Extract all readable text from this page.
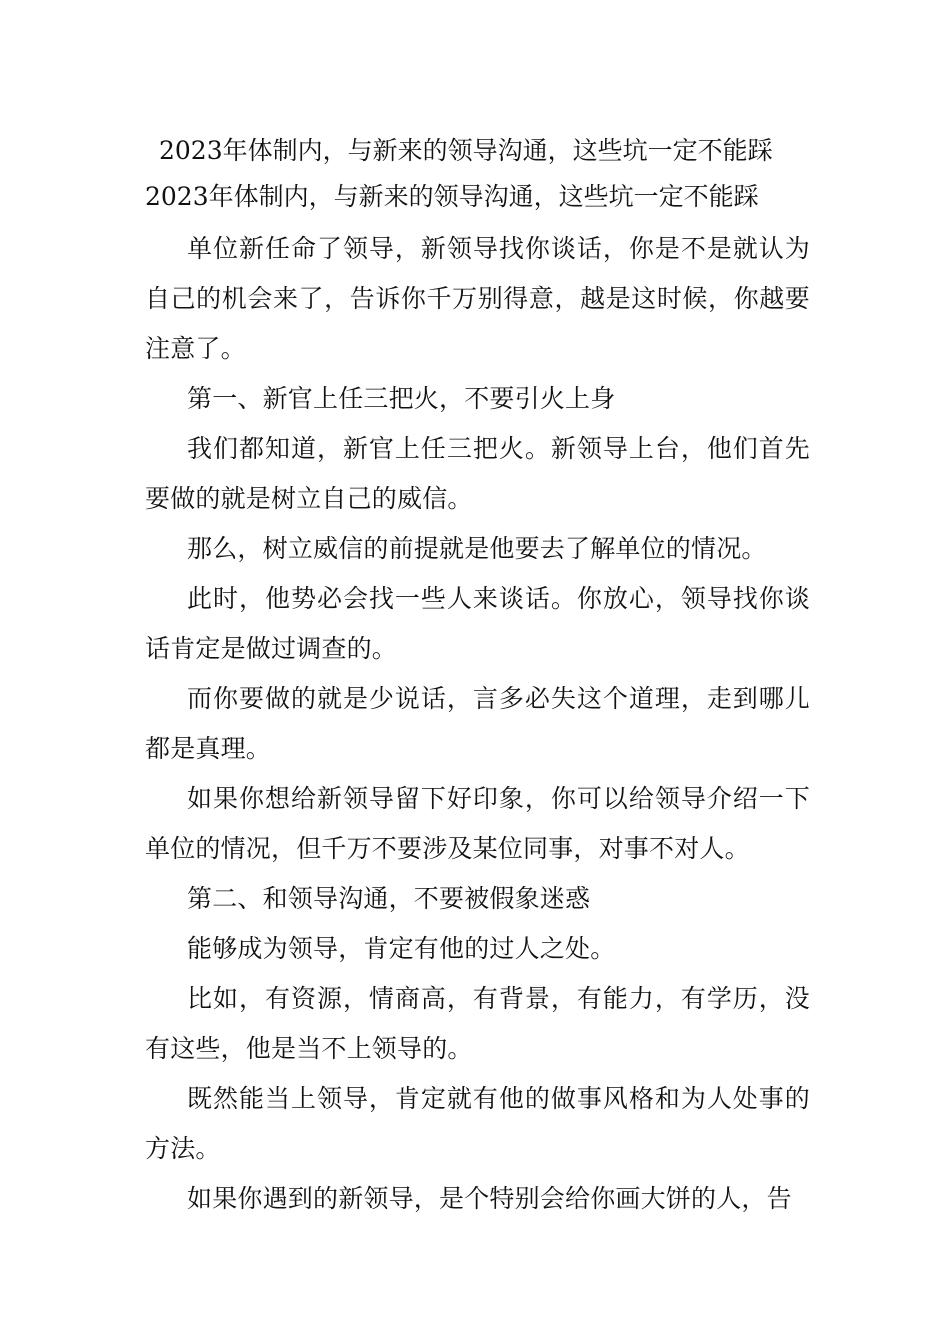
2023年体制内，与新来的领导沟通，这些坑一定不能踩
2023年体制内，与新来的领导沟通，这些坑一定不能踩

单位新任命了领导，新领导找你谈话，你是不是就认为自己的机会来了，告诉你千万别得意，越是这时候，你越要注意了。

第一、新官上任三把火，不要引火上身

我们都知道，新官上任三把火。新领导上台，他们首先要做的就是树立自己的威信。

那么，树立威信的前提就是他要去了解单位的情况。

此时，他势必会找一些人来谈话。你放心，领导找你谈话肯定是做过调查的。

而你要做的就是少说话，言多必失这个道理，走到哪儿都是真理。

如果你想给新领导留下好印象，你可以给领导介绍一下单位的情况，但千万不要涉及某位同事，对事不对人。

第二、和领导沟通，不要被假象迷惑

能够成为领导，肯定有他的过人之处。

比如，有资源，情商高，有背景，有能力，有学历，没有这些，他是当不上领导的。

既然能当上领导，肯定就有他的做事风格和为人处事的方法。

如果你遇到的新领导，是个特别会给你画大饼的人，告
